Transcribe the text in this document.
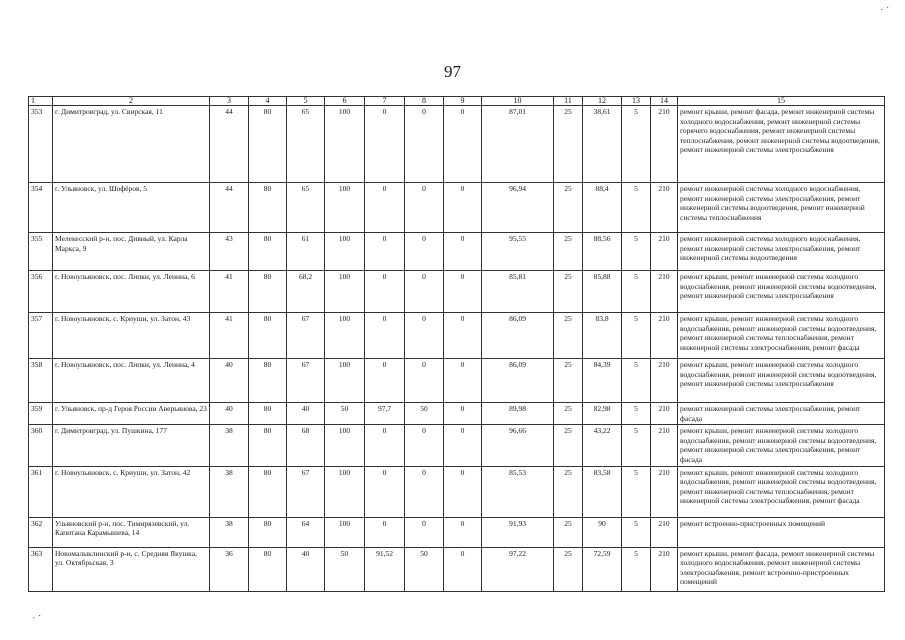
⠂⠁
⠄⠂
97
1	2	3	4	5	6	7	8	9	10	11	12	13	14	15
353	г. Димитровград, ул. Свирская, 11	44	80	65	100	0	0	0	87,01	25	38,61	5	210	ремонт крыши, ремонт фасада, ремонт инженерной системы холодного водоснабжения, ремонт инженерной системы горячего водоснабжения, ремонт инженерной системы теплоснабжения, ремонт инженерной системы водоотведения, ремонт инженерной системы электроснабжения
354	г. Ульяновск, ул. Шофёров, 5	44	80	65	100	0	0	0	96,94	25	88,4	5	210	ремонт инженерной системы холодного водоснабжения, ремонт инженерной системы электроснабжения, ремонт инженерной системы водоотведения, ремонт инженерной системы теплоснабжения
355	Мелекесский р-н, пос. Дивный, ул. Карла Маркса, 9	43	80	61	100	0	0	0	95,55	25	88,56	5	210	ремонт инженерной системы холодного водоснабжения, ремонт инженерной системы электроснабжения, ремонт инженерной системы водоотведения
356	г. Новоульяновск, пос. Липки, ул. Ленина, 6	41	80	68,2	100	0	0	0	85,81	25	85,88	5	210	ремонт крыши, ремонт инженерной системы холодного водоснабжения, ремонт инженерной системы водоотведения, ремонт инженерной системы электроснабжения
357	г. Новоульяновск, с. Криуши, ул. Затон, 43	41	80	67	100	0	0	0	86,09	25	83,8	5	210	ремонт крыши, ремонт инженерной системы холодного водоснабжения, ремонт инженерной системы водоотведения, ремонт инженерной системы теплоснабжения, ремонт инженерной системы электроснабжения, ремонт фасада
358	г. Новоульяновск, пос. Липки, ул. Ленина, 4	40	80	67	100	0	0	0	86,09	25	84,39	5	210	ремонт крыши, ремонт инженерной системы холодного водоснабжения, ремонт инженерной системы водоотведения, ремонт инженерной системы электроснабжения
359	г. Ульяновск, пр-д Героя России Аверьянова, 23	40	80	40	50	97,7	50	0	89,98	25	82,98	5	210	ремонт инженерной системы электроснабжения, ремонт фасада
360	г. Димитровград, ул. Пушкина, 177	38	80	68	100	0	0	0	96,66	25	43,22	5	210	ремонт крыши, ремонт инженерной системы холодного водоснабжения, ремонт инженерной системы водоотведения, ремонт инженерной системы электроснабжения, ремонт фасада
361	г. Новоульяновск, с. Криуши, ул. Затон, 42	38	80	67	100	0	0	0	85,53	25	83,58	5	210	ремонт крыши, ремонт инженерной системы холодного водоснабжения, ремонт инженерной системы водоотведения, ремонт инженерной системы теплоснабжения, ремонт инженерной системы электроснабжения, ремонт фасада
362	Ульяновский р-н, пос. Тимирязевский, ул. Капитана Карамышева, 14	38	80	64	100	0	0	0	91,93	25	90	5	210	ремонт встроенно-пристроенных помещений
363	Новомалыклинский р-н, с. Средняя Якушка, ул. Октябрьская, 3	36	80	40	50	91,52	50	0	97,22	25	72,59	5	210	ремонт крыши, ремонт фасада, ремонт инженерной системы холодного водоснабжения, ремонт инженерной системы электроснабжения, ремонт встроенно-пристроенных помещений
